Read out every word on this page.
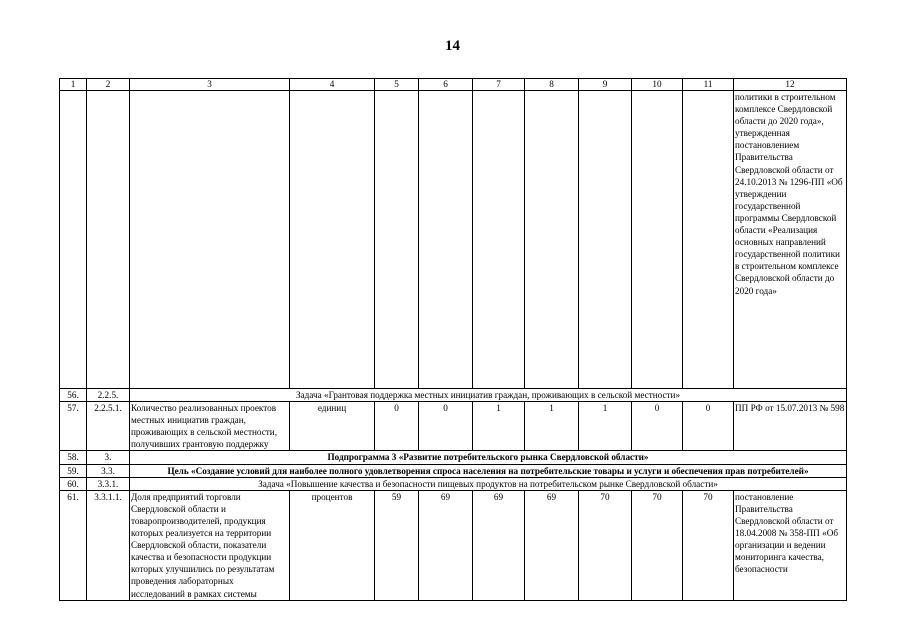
14
1	2	3	4	5	6	7	8	9	10	11	12
											политики в строительном комплексе Свердловской области до 2020 года», утвержденная постановлением Правительства Свердловской области от 24.10.2013 № 1296-ПП «Об утверждении государственной программы Свердловской области «Реализация основных направлений государственной политики в строительном комплексе Свердловской области до 2020 года»
56.	2.2.5.	Задача «Грантовая поддержка местных инициатив граждан, проживающих в сельской местности»									
57.	2.2.5.1.	Количество реализованных проектов местных инициатив граждан, проживающих в сельской местности, получивших грантовую поддержку	единиц	0	0	1	1	1	0	0	ПП РФ от 15.07.2013 № 598
58.	3.	Подпрограмма 3 «Развитие потребительского рынка Свердловской области»									
59.	3.3.	Цель «Создание условий для наиболее полного удовлетворения спроса населения на потребительские товары и услуги и обеспечения прав потребителей»									
60.	3.3.1.	Задача «Повышение качества и безопасности пищевых продуктов на потребительском рынке Свердловской области»									
61.	3.3.1.1.	Доля предприятий торговли Свердловской области и товаропроизводителей, продукция которых реализуется на территории Свердловской области, показатели качества и безопасности продукции которых улучшились по результатам проведения лабораторных исследований в рамках системы	процентов	59	69	69	69	70	70	70	постановление Правительства Свердловской области от 18.04.2008 № 358-ПП «Об организации и ведении мониторинга качества, безопасности
